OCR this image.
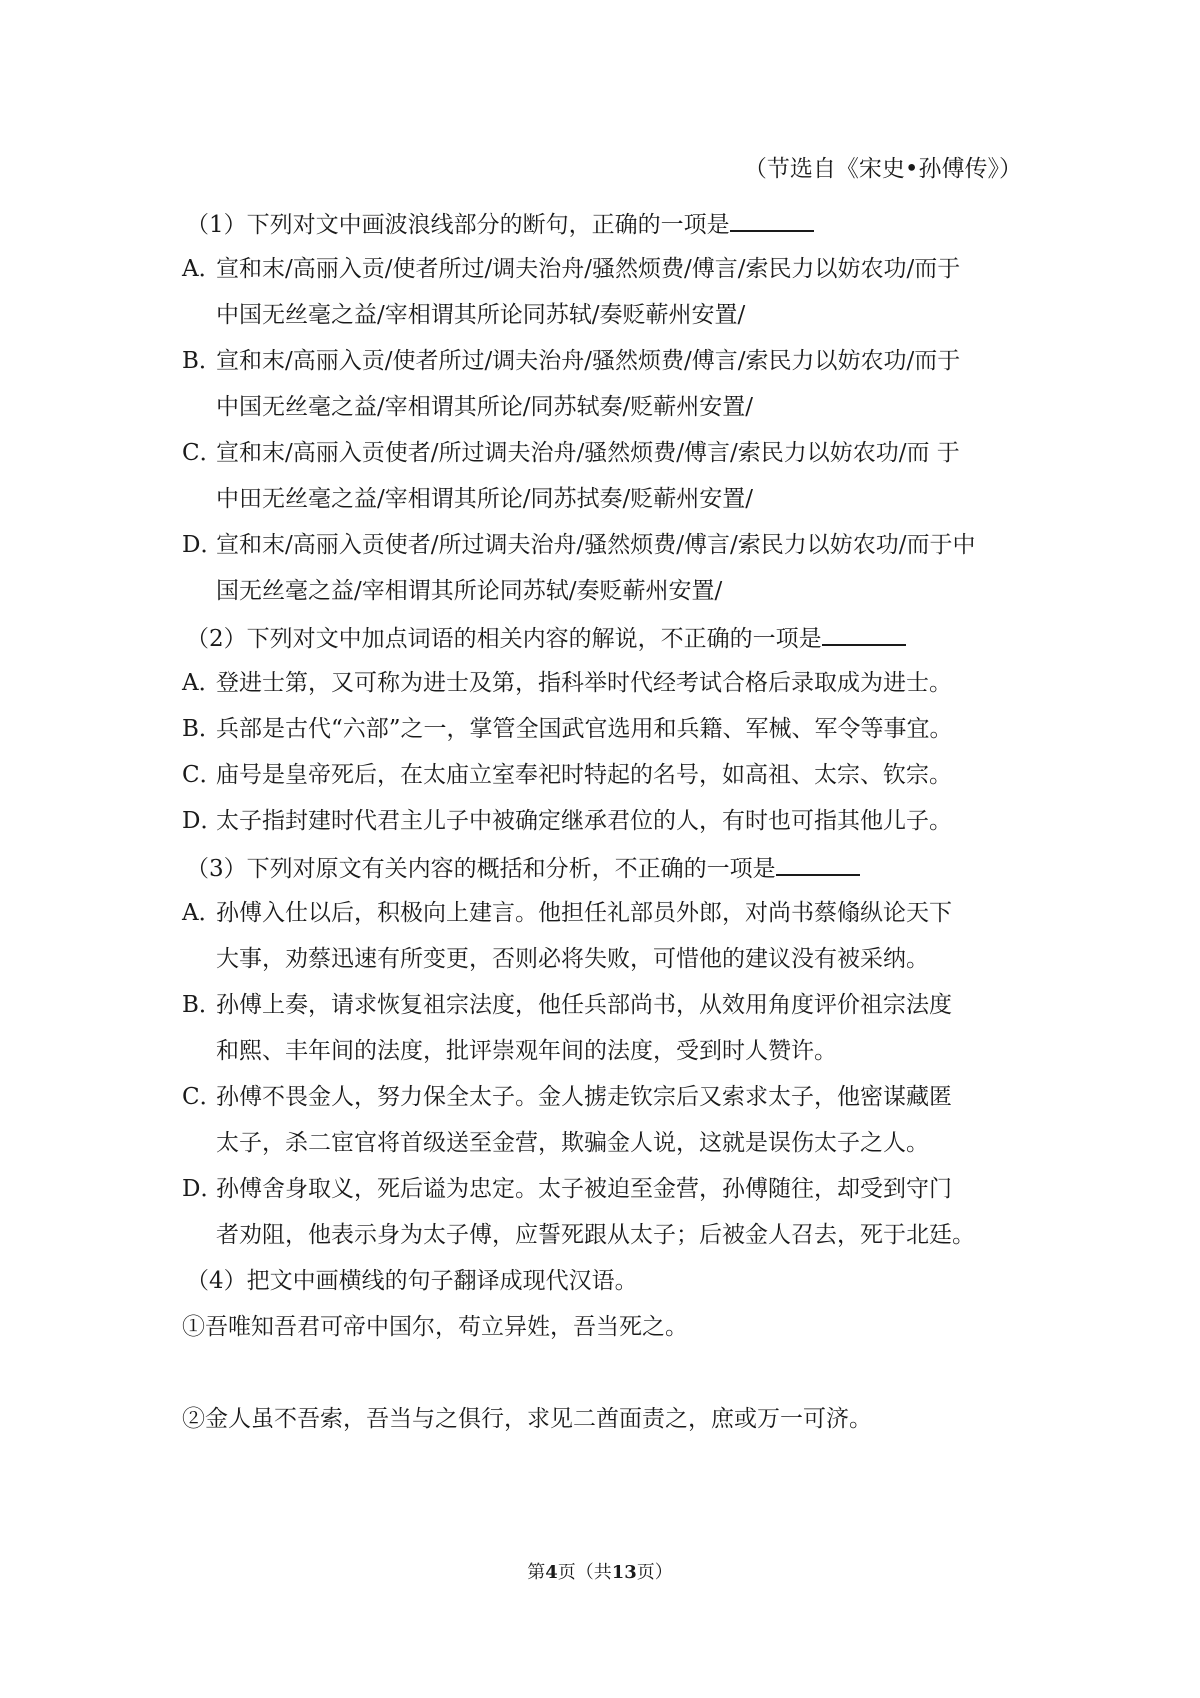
（节选自《宋史•孙傅传》）
（1）下列对文中画波浪线部分的断句，正确的一项是
A．宣和末/高丽入贡/使者所过/调夫治舟/骚然烦费/傅言/索民力以妨农功/而于
中国无丝毫之益/宰相谓其所论同苏轼/奏贬蕲州安置/
B．宣和末/高丽入贡/使者所过/调夫治舟/骚然烦费/傅言/索民力以妨农功/而于
中国无丝毫之益/宰相谓其所论/同苏轼奏/贬蕲州安置/
C．宣和末/高丽入贡使者/所过调夫治舟/骚然烦费/傅言/索民力以妨农功/而 于
中田无丝毫之益/宰相谓其所论/同苏拭奏/贬蕲州安置/
D．宣和末/高丽入贡使者/所过调夫治舟/骚然烦费/傅言/索民力以妨农功/而于中
国无丝毫之益/宰相谓其所论同苏轼/奏贬蕲州安置/
（2）下列对文中加点词语的相关内容的解说，不正确的一项是
A．登进士第，又可称为进士及第，指科举时代经考试合格后录取成为进士。
B．兵部是古代“六部”之一，掌管全国武官选用和兵籍、军械、军令等事宜。
C．庙号是皇帝死后，在太庙立室奉祀时特起的名号，如高祖、太宗、钦宗。
D．太子指封建时代君主儿子中被确定继承君位的人，有时也可指其他儿子。
（3）下列对原文有关内容的概括和分析，不正确的一项是
A．孙傅入仕以后，积极向上建言。他担任礼部员外郎，对尚书蔡翛纵论天下
大事，劝蔡迅速有所变更，否则必将失败，可惜他的建议没有被采纳。
B．孙傅上奏，请求恢复祖宗法度，他任兵部尚书，从效用角度评价祖宗法度
和熙、丰年间的法度，批评崇观年间的法度，受到时人赞许。
C．孙傅不畏金人，努力保全太子。金人掳走钦宗后又索求太子，他密谋藏匿
太子，杀二宦官将首级送至金营，欺骗金人说，这就是误伤太子之人。
D．孙傅舍身取义，死后谥为忠定。太子被迫至金营，孙傅随往，却受到守门
者劝阻，他表示身为太子傅，应誓死跟从太子；后被金人召去，死于北廷。
（4）把文中画横线的句子翻译成现代汉语。
①吾唯知吾君可帝中国尔，苟立异姓，吾当死之。
②金人虽不吾索，吾当与之俱行，求见二酋面责之，庶或万一可济。
第4页（共13页）
